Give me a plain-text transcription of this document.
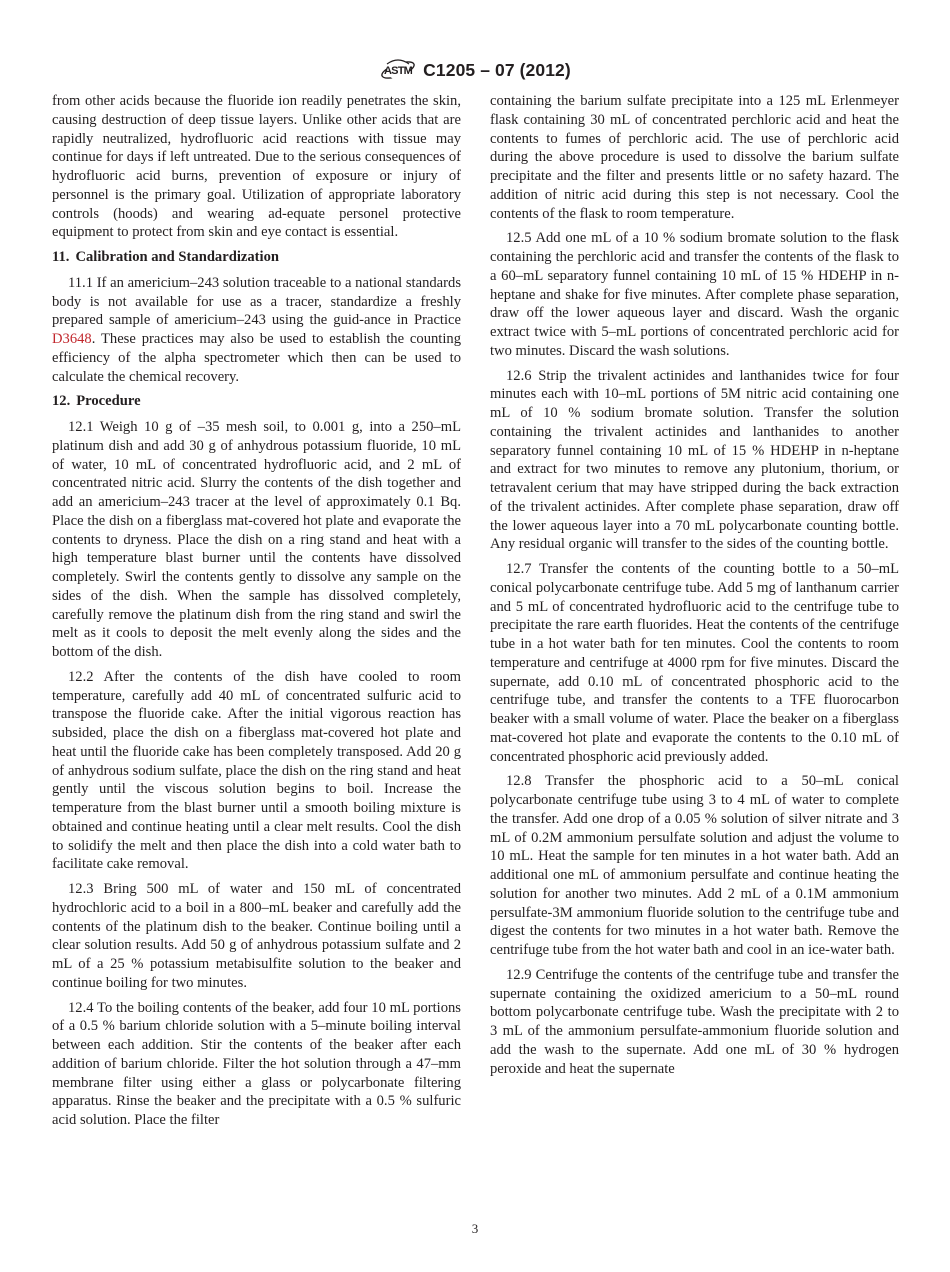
ASTM C1205 – 07 (2012)

from other acids because the fluoride ion readily penetrates the skin, causing destruction of deep tissue layers. Unlike other acids that are rapidly neutralized, hydrofluoric acid reactions with tissue may continue for days if left untreated. Due to the serious consequences of hydrofluoric acid burns, prevention of exposure or injury of personnel is the primary goal. Utilization of appropriate laboratory controls (hoods) and wearing ad-equate personel protective equipment to protect from skin and eye contact is essential.

11. Calibration and Standardization

11.1 If an americium–243 solution traceable to a national standards body is not available for use as a tracer, standardize a freshly prepared sample of americium–243 using the guid-ance in Practice D3648. These practices may also be used to establish the counting efficiency of the alpha spectrometer which then can be used to calculate the chemical recovery.

12. Procedure

12.1 Weigh 10 g of –35 mesh soil, to 0.001 g, into a 250–mL platinum dish and add 30 g of anhydrous potassium fluoride, 10 mL of water, 10 mL of concentrated hydrofluoric acid, and 2 mL of concentrated nitric acid. Slurry the contents of the dish together and add an americium–243 tracer at the level of approximately 0.1 Bq. Place the dish on a fiberglass mat-covered hot plate and evaporate the contents to dryness. Place the dish on a ring stand and heat with a high temperature blast burner until the contents have dissolved completely. Swirl the contents gently to dissolve any sample on the sides of the dish. When the sample has dissolved completely, carefully remove the platinum dish from the ring stand and swirl the melt as it cools to deposit the melt evenly along the sides and the bottom of the dish.

12.2 After the contents of the dish have cooled to room temperature, carefully add 40 mL of concentrated sulfuric acid to transpose the fluoride cake. After the initial vigorous reaction has subsided, place the dish on a fiberglass mat-covered hot plate and heat until the fluoride cake has been completely transposed. Add 20 g of anhydrous sodium sulfate, place the dish on the ring stand and heat gently until the viscous solution begins to boil. Increase the temperature from the blast burner until a smooth boiling mixture is obtained and continue heating until a clear melt results. Cool the dish to solidify the melt and then place the dish into a cold water bath to facilitate cake removal.

12.3 Bring 500 mL of water and 150 mL of concentrated hydrochloric acid to a boil in a 800–mL beaker and carefully add the contents of the platinum dish to the beaker. Continue boiling until a clear solution results. Add 50 g of anhydrous potassium sulfate and 2 mL of a 25 % potassium metabisulfite solution to the beaker and continue boiling for two minutes.

12.4 To the boiling contents of the beaker, add four 10 mL portions of a 0.5 % barium chloride solution with a 5–minute boiling interval between each addition. Stir the contents of the beaker after each addition of barium chloride. Filter the hot solution through a 47–mm membrane filter using either a glass or polycarbonate filtering apparatus. Rinse the beaker and the precipitate with a 0.5 % sulfuric acid solution. Place the filter

containing the barium sulfate precipitate into a 125 mL Erlenmeyer flask containing 30 mL of concentrated perchloric acid and heat the contents to fumes of perchloric acid. The use of perchloric acid during the above procedure is used to dissolve the barium sulfate precipitate and the filter and presents little or no safety hazard. The addition of nitric acid during this step is not necessary. Cool the contents of the flask to room temperature.

12.5 Add one mL of a 10 % sodium bromate solution to the flask containing the perchloric acid and transfer the contents of the flask to a 60–mL separatory funnel containing 10 mL of 15 % HDEHP in n-heptane and shake for five minutes. After complete phase separation, draw off the lower aqueous layer and discard. Wash the organic extract twice with 5–mL portions of concentrated perchloric acid for two minutes. Discard the wash solutions.

12.6 Strip the trivalent actinides and lanthanides twice for four minutes each with 10–mL portions of 5M nitric acid containing one mL of 10 % sodium bromate solution. Transfer the solution containing the trivalent actinides and lanthanides to another separatory funnel containing 10 mL of 15 % HDEHP in n-heptane and extract for two minutes to remove any plutonium, thorium, or tetravalent cerium that may have stripped during the back extraction of the trivalent actinides. After complete phase separation, draw off the lower aqueous layer into a 70 mL polycarbonate counting bottle. Any residual organic will transfer to the sides of the counting bottle.

12.7 Transfer the contents of the counting bottle to a 50–mL conical polycarbonate centrifuge tube. Add 5 mg of lanthanum carrier and 5 mL of concentrated hydrofluoric acid to the centrifuge tube to precipitate the rare earth fluorides. Heat the contents of the centrifuge tube in a hot water bath for ten minutes. Cool the contents to room temperature and centrifuge at 4000 rpm for five minutes. Discard the supernate, add 0.10 mL of concentrated phosphoric acid to the centrifuge tube, and transfer the contents to a TFE fluorocarbon beaker with a small volume of water. Place the beaker on a fiberglass mat-covered hot plate and evaporate the contents to the 0.10 mL of concentrated phosphoric acid previously added.

12.8 Transfer the phosphoric acid to a 50–mL conical polycarbonate centrifuge tube using 3 to 4 mL of water to complete the transfer. Add one drop of a 0.05 % solution of silver nitrate and 3 mL of 0.2M ammonium persulfate solution and adjust the volume to 10 mL. Heat the sample for ten minutes in a hot water bath. Add an additional one mL of ammonium persulfate and continue heating the solution for another two minutes. Add 2 mL of a 0.1M ammonium persulfate-3M ammonium fluoride solution to the centrifuge tube and digest the contents for two minutes in a hot water bath. Remove the centrifuge tube from the hot water bath and cool in an ice-water bath.

12.9 Centrifuge the contents of the centrifuge tube and transfer the supernate containing the oxidized americium to a 50–mL round bottom polycarbonate centrifuge tube. Wash the precipitate with 2 to 3 mL of the ammonium persulfate-ammonium fluoride solution and add the wash to the supernate. Add one mL of 30 % hydrogen peroxide and heat the supernate

3
